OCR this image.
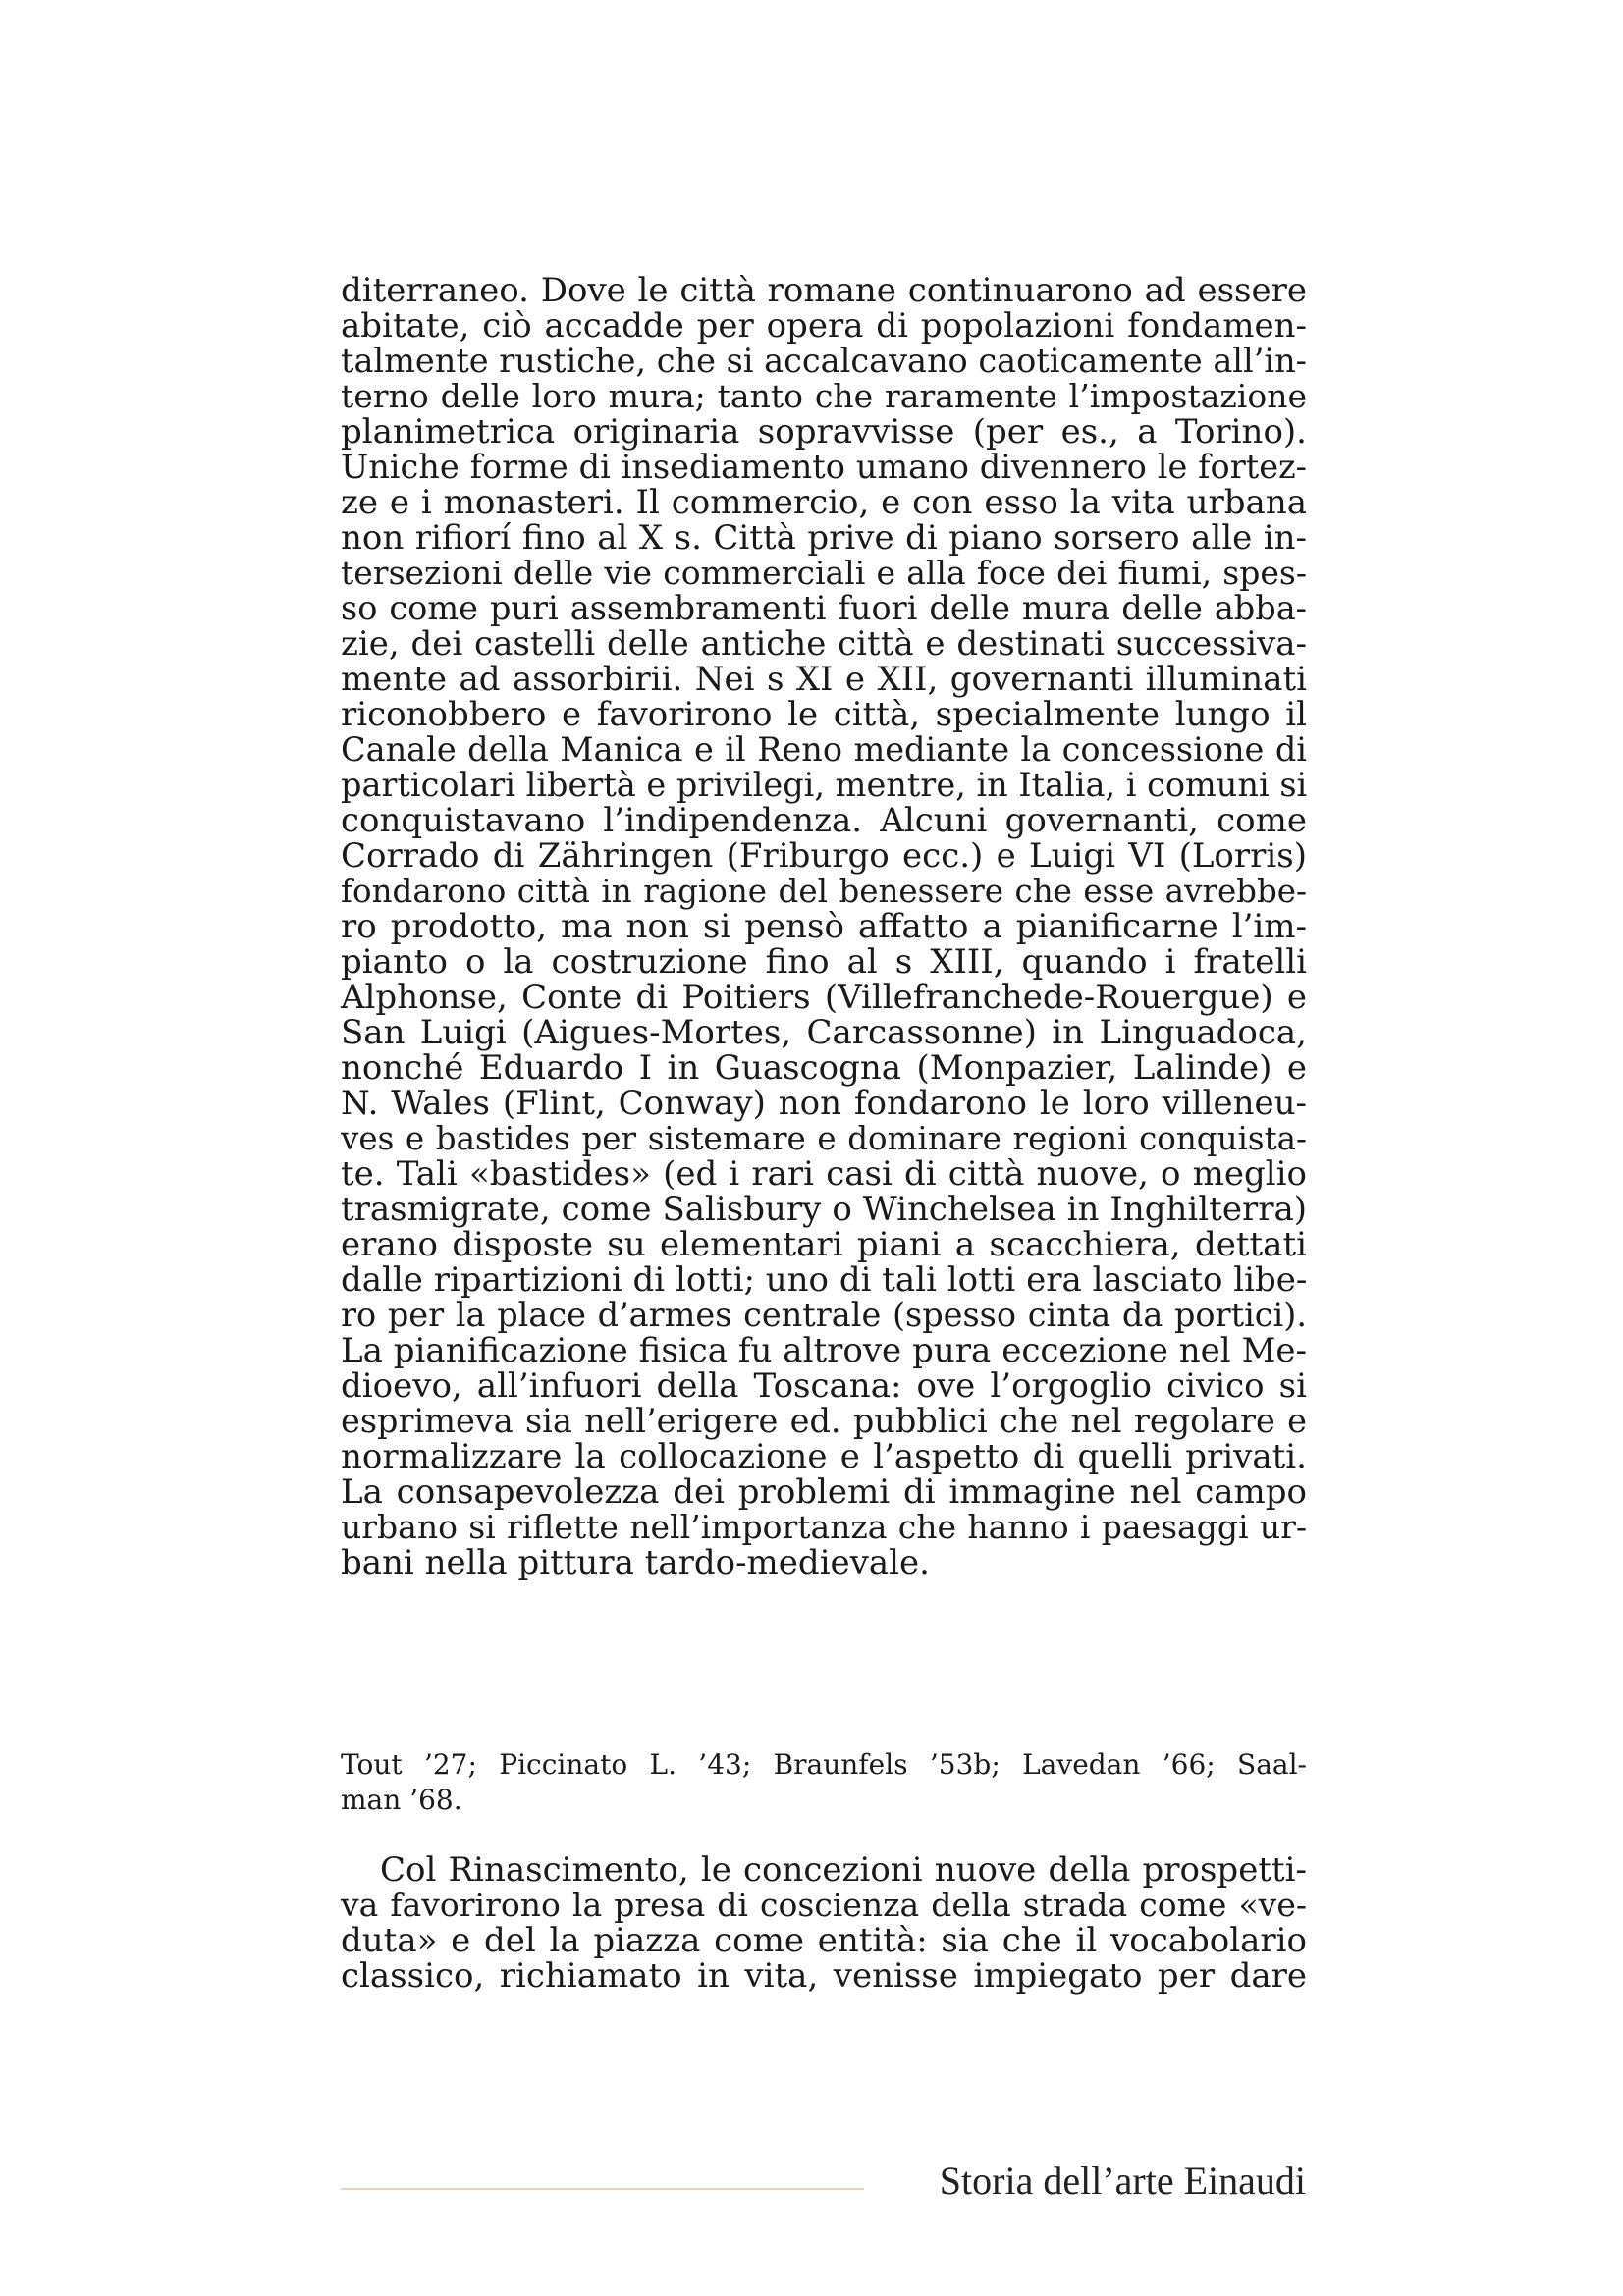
diterraneo. Dove le città romane continuarono ad essere
abitate, ciò accadde per opera di popolazioni fondamen-
talmente rustiche, che si accalcavano caoticamente all’in-
terno delle loro mura; tanto che raramente l’impostazione
planimetrica originaria sopravvisse (per es., a Torino).
Uniche forme di insediamento umano divennero le fortez-
ze e i monasteri. Il commercio, e con esso la vita urbana
non rifiorí fino al X s. Città prive di piano sorsero alle in-
tersezioni delle vie commerciali e alla foce dei fiumi, spes-
so come puri assembramenti fuori delle mura delle abba-
zie, dei castelli delle antiche città e destinati successiva-
mente ad assorbirii. Nei s XI e XII, governanti illuminati
riconobbero e favorirono le città, specialmente lungo il
Canale della Manica e il Reno mediante la concessione di
particolari libertà e privilegi, mentre, in Italia, i comuni si
conquistavano l’indipendenza. Alcuni governanti, come
Corrado di Zähringen (Friburgo ecc.) e Luigi VI (Lorris)
fondarono città in ragione del benessere che esse avrebbe-
ro prodotto, ma non si pensò affatto a pianificarne l’im-
pianto o la costruzione fino al s XIII, quando i fratelli
Alphonse, Conte di Poitiers (Villefranchede-Rouergue) e
San Luigi (Aigues-Mortes, Carcassonne) in Linguadoca,
nonché Eduardo I in Guascogna (Monpazier, Lalinde) e
N. Wales (Flint, Conway) non fondarono le loro villeneu-
ves e bastides per sistemare e dominare regioni conquista-
te. Tali «bastides» (ed i rari casi di città nuove, o meglio
trasmigrate, come Salisbury o Winchelsea in Inghilterra)
erano disposte su elementari piani a scacchiera, dettati
dalle ripartizioni di lotti; uno di tali lotti era lasciato libe-
ro per la place d’armes centrale (spesso cinta da portici).
La pianificazione fisica fu altrove pura eccezione nel Me-
dioevo, all’infuori della Toscana: ove l’orgoglio civico si
esprimeva sia nell’erigere ed. pubblici che nel regolare e
normalizzare la collocazione e l’aspetto di quelli privati.
La consapevolezza dei problemi di immagine nel campo
urbano si riflette nell’importanza che hanno i paesaggi ur-
bani nella pittura tardo-medievale.
Tout ’27; Piccinato L. ’43; Braunfels ’53b; Lavedan ’66; Saal-
man ’68.
Col Rinascimento, le concezioni nuove della prospetti-
va favorirono la presa di coscienza della strada come «ve-
duta» e del la piazza come entità: sia che il vocabolario
classico, richiamato in vita, venisse impiegato per dare
Storia dell’arte Einaudi
